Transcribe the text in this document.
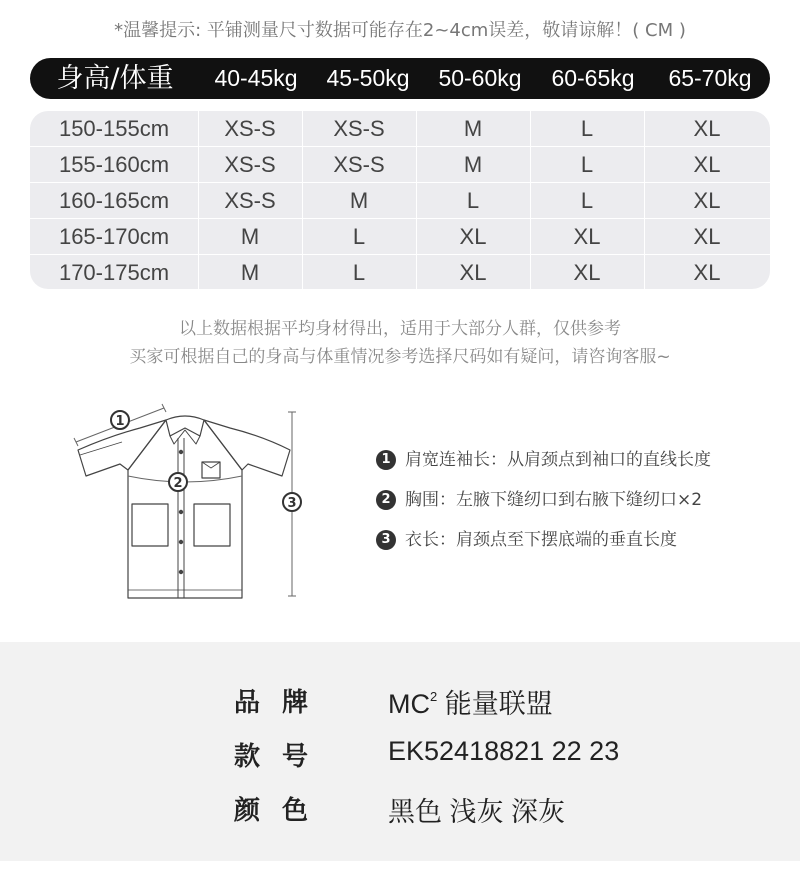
*温馨提示: 平铺测量尺寸数据可能存在2~4cm误差，敬请谅解！( CM )
身高/体重	40-45kg	45-50kg	50-60kg	60-65kg	65-70kg
150-155cm	XS-S	XS-S	M	L	XL
155-160cm	XS-S	XS-S	M	L	XL
160-165cm	XS-S	M	L	L	XL
165-170cm	M	L	XL	XL	XL
170-175cm	M	L	XL	XL	XL
以上数据根据平均身材得出，适用于大部分人群，仅供参考
买家可根据自己的身高与体重情况参考选择尺码如有疑问，请咨询客服~
1
2
3
1 肩宽连袖长：从肩颈点到袖口的直线长度
2 胸围：左腋下缝纫口到右腋下缝纫口×2
3 衣长：肩颈点至下摆底端的垂直长度
品牌 $MC^2$ 能量联盟
款号 EK52418821 22 23
颜色 黑色 浅灰 深灰
